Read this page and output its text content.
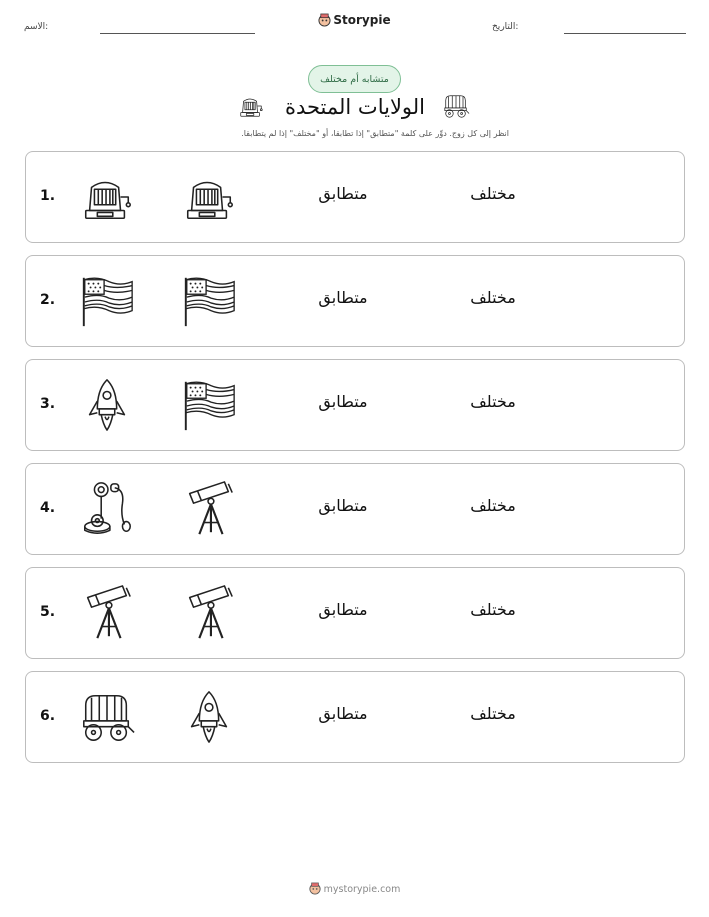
الاسم:	Storypie	التاريخ:
متشابه أم مختلف
الولايات المتحدة
انظر إلى كل زوج. دوِّر على كلمة "متطابق" إذا تطابقا، أو "مختلف" إذا لم يتطابقا.
1.	متطابق	مختلف
2.	متطابق	مختلف
3.	متطابق	مختلف
4.	متطابق	مختلف
5.	متطابق	مختلف
6.	متطابق	مختلف
mystorypie.com
